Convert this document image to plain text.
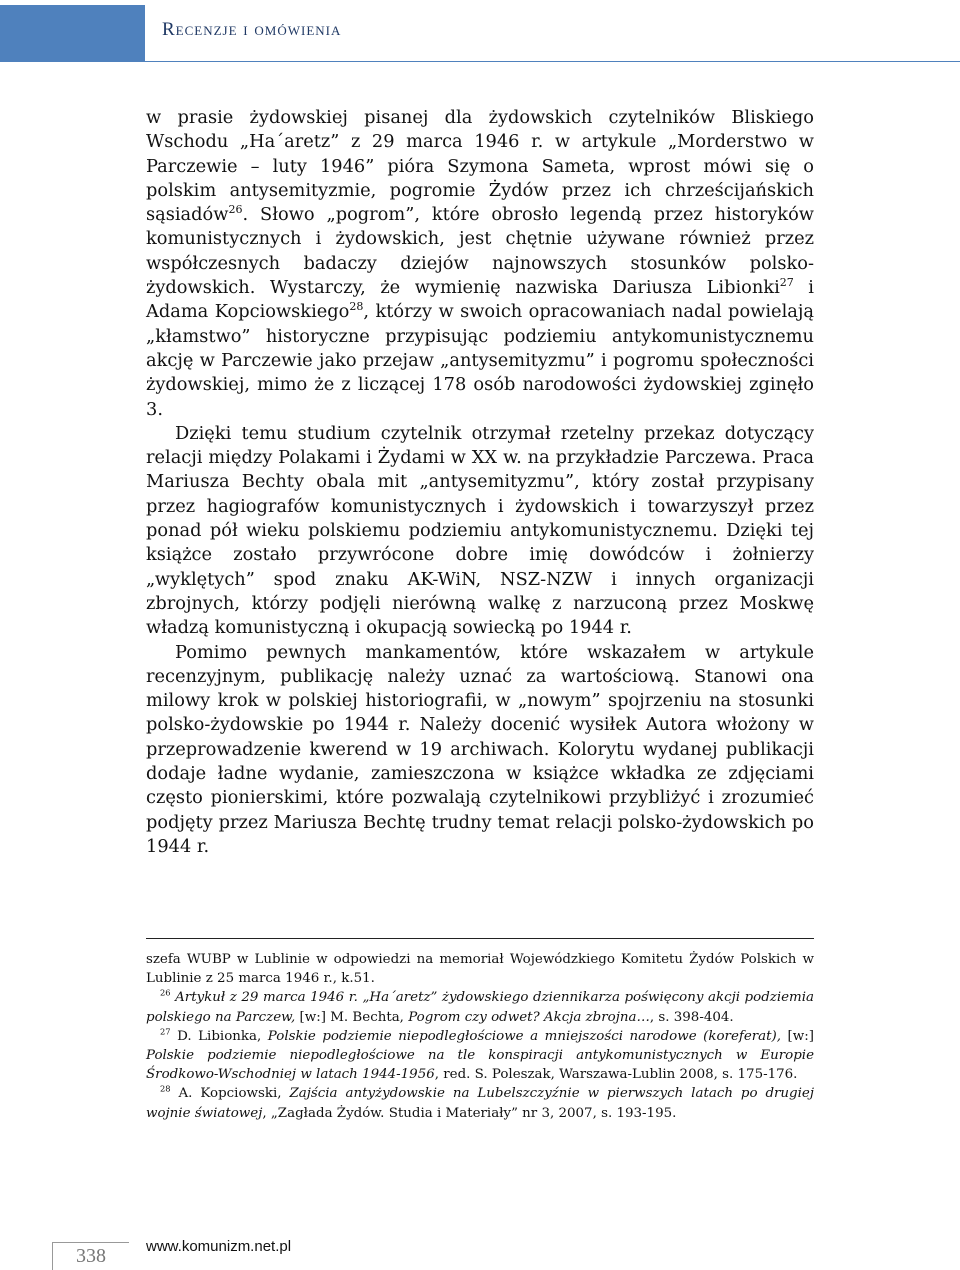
Recenzje i omówienia

w prasie żydowskiej pisanej dla żydowskich czytelników Bliskiego Wschodu „Ha´aretz” z 29 marca 1946 r. w artykule „Morderstwo w Parczewie – luty 1946” pióra Szymona Sameta, wprost mówi się o polskim antysemityzmie, pogromie Żydów przez ich chrześcijańskich sąsiadów$^{26}$. Słowo „pogrom”, które obrosło legendą przez historyków komunistycznych i żydowskich, jest chętnie używane również przez współczesnych badaczy dziejów najnowszych stosunków polsko-żydowskich. Wystarczy, że wymienię nazwiska Dariusza Libionki$^{27}$ i Adama Kopciowskiego$^{28}$, którzy w swoich opracowaniach nadal powielają „kłamstwo” historyczne przypisując podziemiu antykomunistycznemu akcję w Parczewie jako przejaw „antysemityzmu” i pogromu społeczności żydowskiej, mimo że z liczącej 178 osób narodowości żydowskiej zginęło 3.

Dzięki temu studium czytelnik otrzymał rzetelny przekaz dotyczący relacji między Polakami i Żydami w XX w. na przykładzie Parczewa. Praca Mariusza Bechty obala mit „antysemityzmu”, który został przypisany przez hagiografów komunistycznych i żydowskich i towarzyszył przez ponad pół wieku polskiemu podziemiu antykomunistycznemu. Dzięki tej książce zostało przywrócone dobre imię dowódców i żołnierzy „wyklętych” spod znaku AK-WiN, NSZ-NZW i innych organizacji zbrojnych, którzy podjęli nierówną walkę z narzuconą przez Moskwę władzą komunistyczną i okupacją sowiecką po 1944 r.

Pomimo pewnych mankamentów, które wskazałem w artykule recenzyjnym, publikację należy uznać za wartościową. Stanowi ona milowy krok w polskiej historiografii, w „nowym” spojrzeniu na stosunki polsko-żydowskie po 1944 r. Należy docenić wysiłek Autora włożony w przeprowadzenie kwerend w 19 archiwach. Kolorytu wydanej publikacji dodaje ładne wydanie, zamieszczona w książce wkładka ze zdjęciami często pionierskimi, które pozwalają czytelnikowi przybliżyć i zrozumieć podjęty przez Mariusza Bechtę trudny temat relacji polsko-żydowskich po 1944 r.

szefa WUBP w Lublinie w odpowiedzi na memoriał Wojewódzkiego Komitetu Żydów Polskich w Lublinie z 25 marca 1946 r., k.51.

$^{26}$ Artykuł z 29 marca 1946 r. „Ha´aretz” żydowskiego dziennikarza poświęcony akcji podziemia polskiego na Parczew, [w:] M. Bechta, Pogrom czy odwet? Akcja zbrojna…, s. 398-404.

$^{27}$ D. Libionka, Polskie podziemie niepodległościowe a mniejszości narodowe (koreferat), [w:] Polskie podziemie niepodległościowe na tle konspiracji antykomunistycznych w Europie Środkowo-Wschodniej w latach 1944-1956, red. S. Poleszak, Warszawa-Lublin 2008, s. 175-176.

$^{28}$ A. Kopciowski, Zajścia antyżydowskie na Lubelszczyźnie w pierwszych latach po drugiej wojnie światowej, „Zagłada Żydów. Studia i Materiały” nr 3, 2007, s. 193-195.

338	www.komunizm.net.pl
